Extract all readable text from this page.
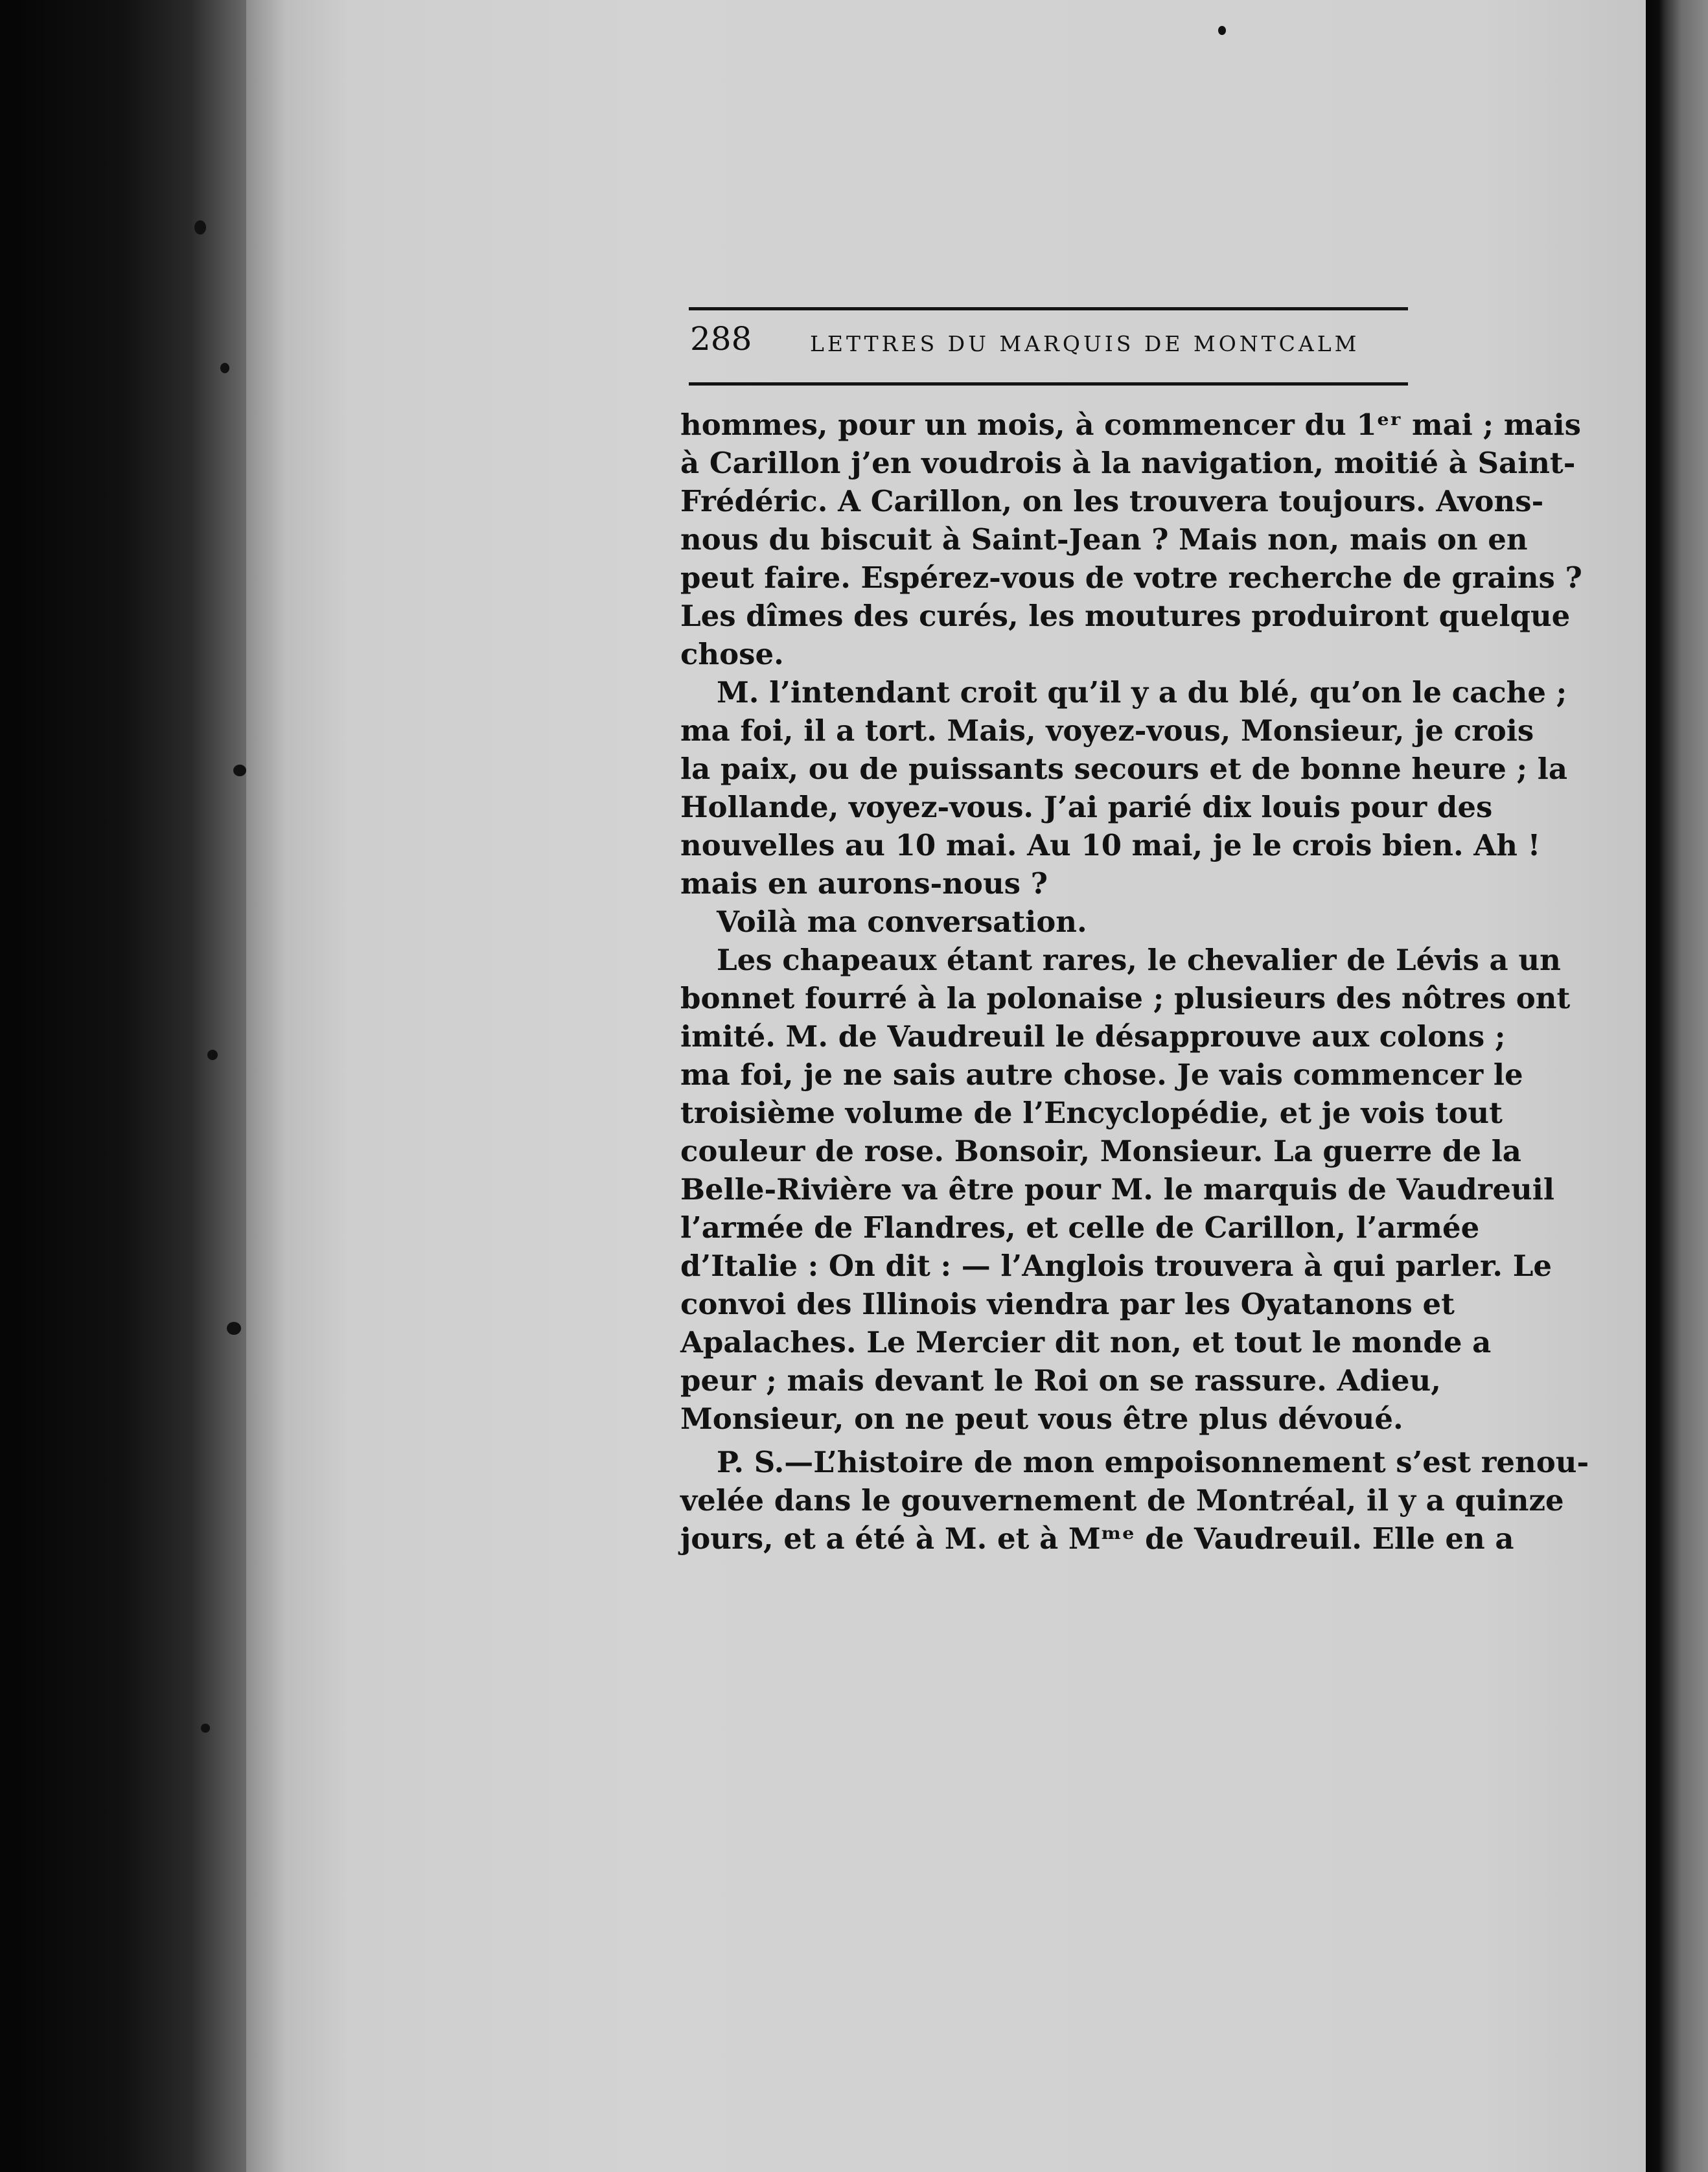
288	LETTRES DU MARQUIS DE MONTCALM
hommes, pour un mois, à commencer du 1ᵉʳ mai ; mais
à Carillon j’en voudrois à la navigation, moitié à Saint-
Frédéric. A Carillon, on les trouvera toujours. Avons-
nous du biscuit à Saint-Jean ? Mais non, mais on en
peut faire. Espérez-vous de votre recherche de grains ?
Les dîmes des curés, les moutures produiront quelque
chose.
M. l’intendant croit qu’il y a du blé, qu’on le cache ;
ma foi, il a tort. Mais, voyez-vous, Monsieur, je crois
la paix, ou de puissants secours et de bonne heure ; la
Hollande, voyez-vous. J’ai parié dix louis pour des
nouvelles au 10 mai. Au 10 mai, je le crois bien. Ah !
mais en aurons-nous ?
Voilà ma conversation.
Les chapeaux étant rares, le chevalier de Lévis a un
bonnet fourré à la polonaise ; plusieurs des nôtres ont
imité. M. de Vaudreuil le désapprouve aux colons ;
ma foi, je ne sais autre chose. Je vais commencer le
troisième volume de l’Encyclopédie, et je vois tout
couleur de rose. Bonsoir, Monsieur. La guerre de la
Belle-Rivière va être pour M. le marquis de Vaudreuil
l’armée de Flandres, et celle de Carillon, l’armée
d’Italie : On dit : — l’Anglois trouvera à qui parler. Le
convoi des Illinois viendra par les Oyatanons et
Apalaches. Le Mercier dit non, et tout le monde a
peur ; mais devant le Roi on se rassure. Adieu,
Monsieur, on ne peut vous être plus dévoué.
P. S.—L’histoire de mon empoisonnement s’est renou-
velée dans le gouvernement de Montréal, il y a quinze
jours, et a été à M. et à Mᵐᵉ de Vaudreuil. Elle en a
